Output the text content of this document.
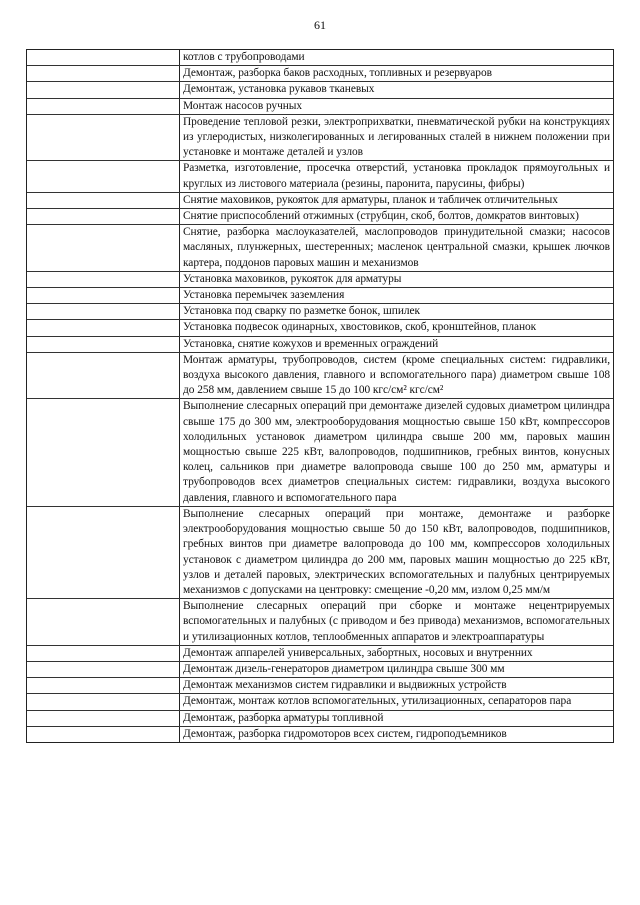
61
котлов с трубопроводами
Демонтаж, разборка баков расходных, топливных и резервуаров
Демонтаж, установка рукавов тканевых
Монтаж насосов ручных
Проведение тепловой резки, электроприхватки, пневматической рубки на конструкциях из углеродистых, низколегированных и легированных сталей в нижнем положении при установке и монтаже деталей и узлов
Разметка, изготовление, просечка отверстий, установка прокладок прямоугольных и круглых из листового материала (резины, паронита, парусины, фибры)
Снятие маховиков, рукояток для арматуры, планок и табличек отличительных
Снятие приспособлений отжимных (струбцин, скоб, болтов, домкратов винтовых)
Снятие, разборка маслоуказателей, маслопроводов принудительной смазки; насосов масляных, плунжерных, шестеренных; масленок центральной смазки, крышек лючков картера, поддонов паровых машин и механизмов
Установка маховиков, рукояток для арматуры
Установка перемычек заземления
Установка под сварку по разметке бонок, шпилек
Установка подвесок одинарных, хвостовиков, скоб, кронштейнов, планок
Установка, снятие кожухов и временных ограждений
Монтаж арматуры, трубопроводов, систем (кроме специальных систем: гидравлики, воздуха высокого давления, главного и вспомогательного пара) диаметром свыше 108 до 258 мм, давлением свыше 15 до 100 кгс/см² кгс/см²
Выполнение слесарных операций при демонтаже дизелей судовых диаметром цилиндра свыше 175 до 300 мм, электрооборудования мощностью свыше 150 кВт, компрессоров холодильных установок диаметром цилиндра свыше 200 мм, паровых машин мощностью свыше 225 кВт, валопроводов, подшипников, гребных винтов, конусных колец, сальников при диаметре валопровода свыше 100 до 250 мм, арматуры и трубопроводов всех диаметров специальных систем: гидравлики, воздуха высокого давления, главного и вспомогательного пара
Выполнение слесарных операций при монтаже, демонтаже и разборке электрооборудования мощностью свыше 50 до 150 кВт, валопроводов, подшипников, гребных винтов при диаметре валопровода до 100 мм, компрессоров холодильных установок с диаметром цилиндра до 200 мм, паровых машин мощностью до 225 кВт, узлов и деталей паровых, электрических вспомогательных и палубных центрируемых механизмов с допусками на центровку: смещение -0,20 мм, излом 0,25 мм/м
Выполнение слесарных операций при сборке и монтаже нецентрируемых вспомогательных и палубных (с приводом и без привода) механизмов, вспомогательных и утилизационных котлов, теплообменных аппаратов и электроаппаратуры
Демонтаж аппарелей универсальных, забортных, носовых и внутренних
Демонтаж дизель-генераторов диаметром цилиндра свыше 300 мм
Демонтаж механизмов систем гидравлики и выдвижных устройств
Демонтаж, монтаж котлов вспомогательных, утилизационных, сепараторов пара
Демонтаж, разборка арматуры топливной
Демонтаж, разборка гидромоторов всех систем, гидроподъемников
